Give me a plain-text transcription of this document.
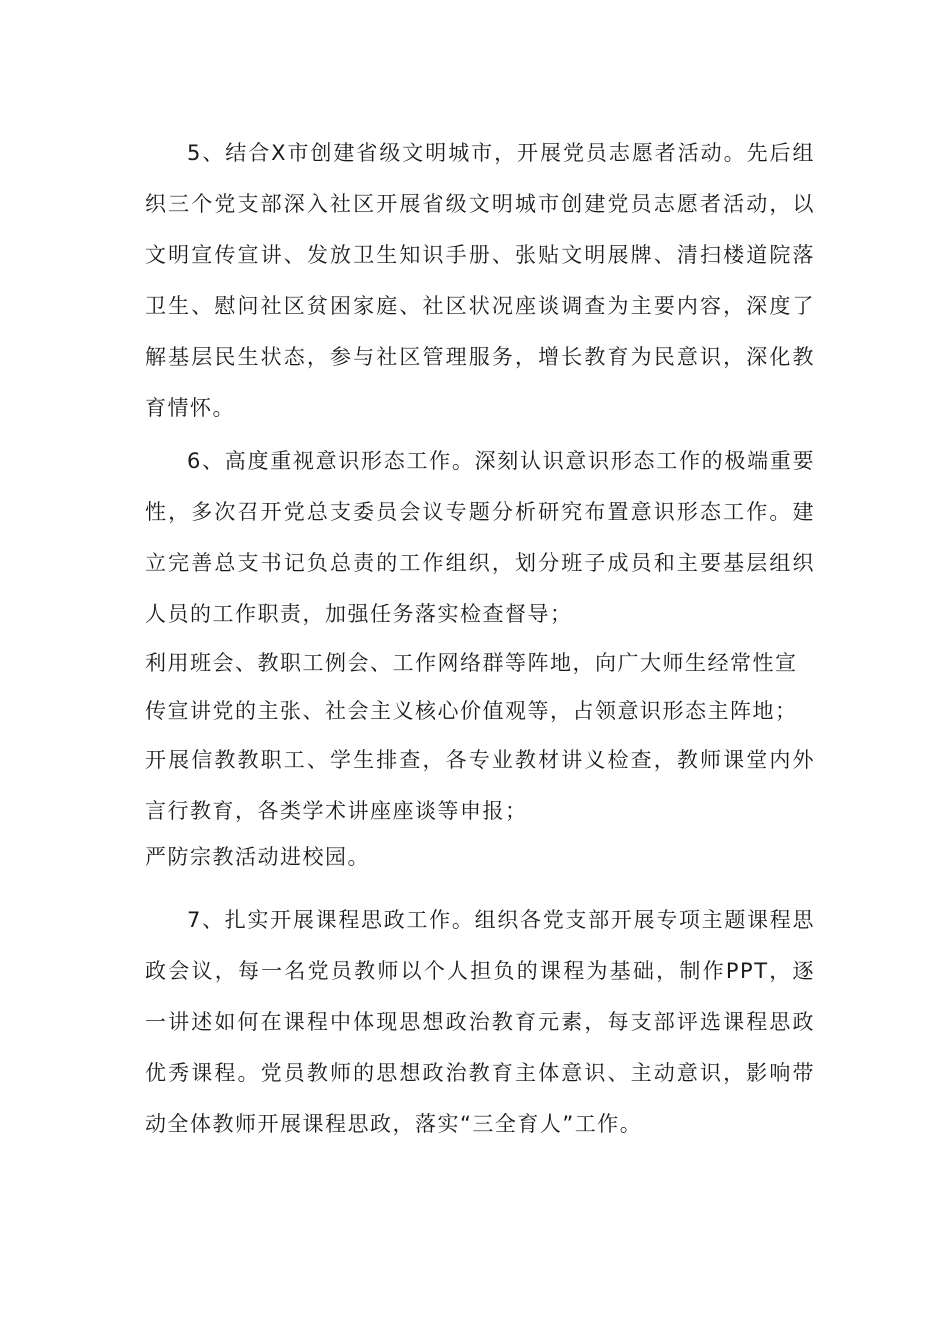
5、结合X市创建省级文明城市，开展党员志愿者活动。先后组织三个党支部深入社区开展省级文明城市创建党员志愿者活动，以文明宣传宣讲、发放卫生知识手册、张贴文明展牌、清扫楼道院落卫生、慰问社区贫困家庭、社区状况座谈调查为主要内容，深度了解基层民生状态，参与社区管理服务，增长教育为民意识，深化教育情怀。

6、高度重视意识形态工作。深刻认识意识形态工作的极端重要性，多次召开党总支委员会议专题分析研究布置意识形态工作。建立完善总支书记负总责的工作组织，划分班子成员和主要基层组织人员的工作职责，加强任务落实检查督导；

利用班会、教职工例会、工作网络群等阵地，向广大师生经常性宣

传宣讲党的主张、社会主义核心价值观等，占领意识形态主阵地；

开展信教教职工、学生排查，各专业教材讲义检查，教师课堂内外言行教育，各类学术讲座座谈等申报；

严防宗教活动进校园。

7、扎实开展课程思政工作。组织各党支部开展专项主题课程思政会议，每一名党员教师以个人担负的课程为基础，制作PPT，逐一讲述如何在课程中体现思想政治教育元素，每支部评选课程思政优秀课程。党员教师的思想政治教育主体意识、主动意识，影响带动全体教师开展课程思政，落实“三全育人”工作。
